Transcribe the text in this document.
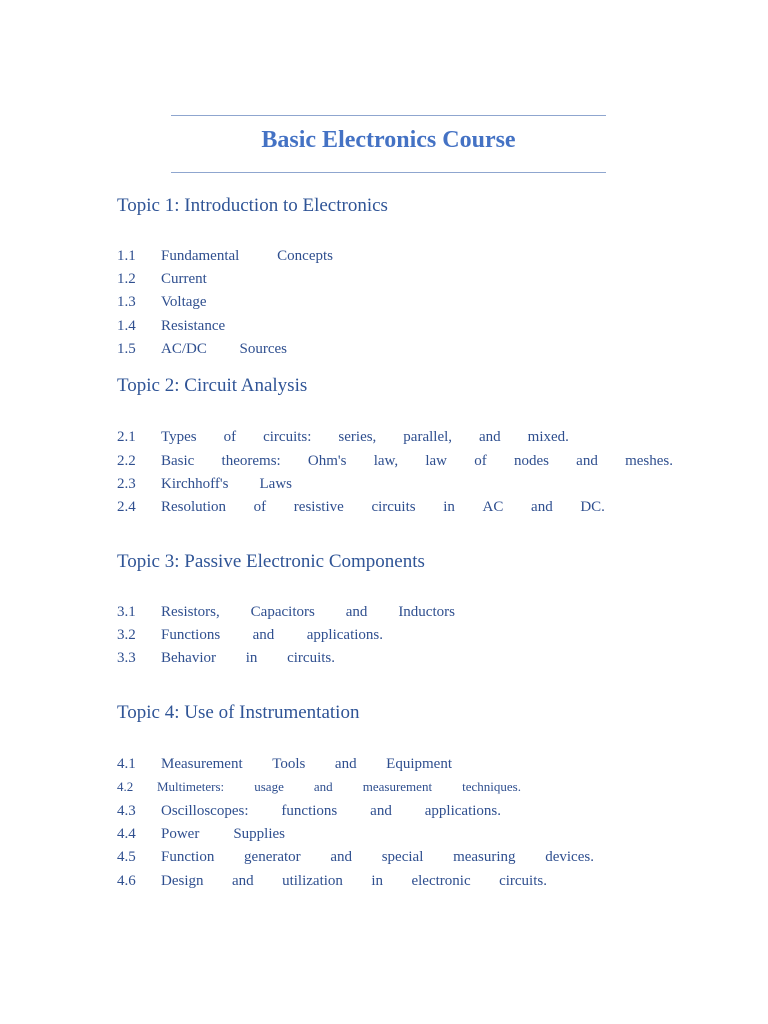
Basic Electronics Course
Topic 1: Introduction to Electronics
1.1 Fundamental	Concepts
1.2 Current
1.3 Voltage
1.4 Resistance
1.5 AC/DC Sources
Topic 2: Circuit Analysis
2.1 Types of circuits: series, parallel, and mixed.
2.2 Basic theorems: Ohm's law, law of nodes and meshes.
2.3 Kirchhoff's Laws
2.4 Resolution of resistive circuits in AC and DC.
Topic 3: Passive Electronic Components
3.1 Resistors, Capacitors and Inductors
3.2 Functions and applications.
3.3 Behavior in circuits.
Topic 4: Use of Instrumentation
4.1 Measurement Tools and Equipment
4.2 Multimeters: usage and measurement techniques.
4.3 Oscilloscopes: functions and applications.
4.4 Power Supplies
4.5 Function generator and special measuring devices.
4.6 Design and utilization in electronic circuits.
